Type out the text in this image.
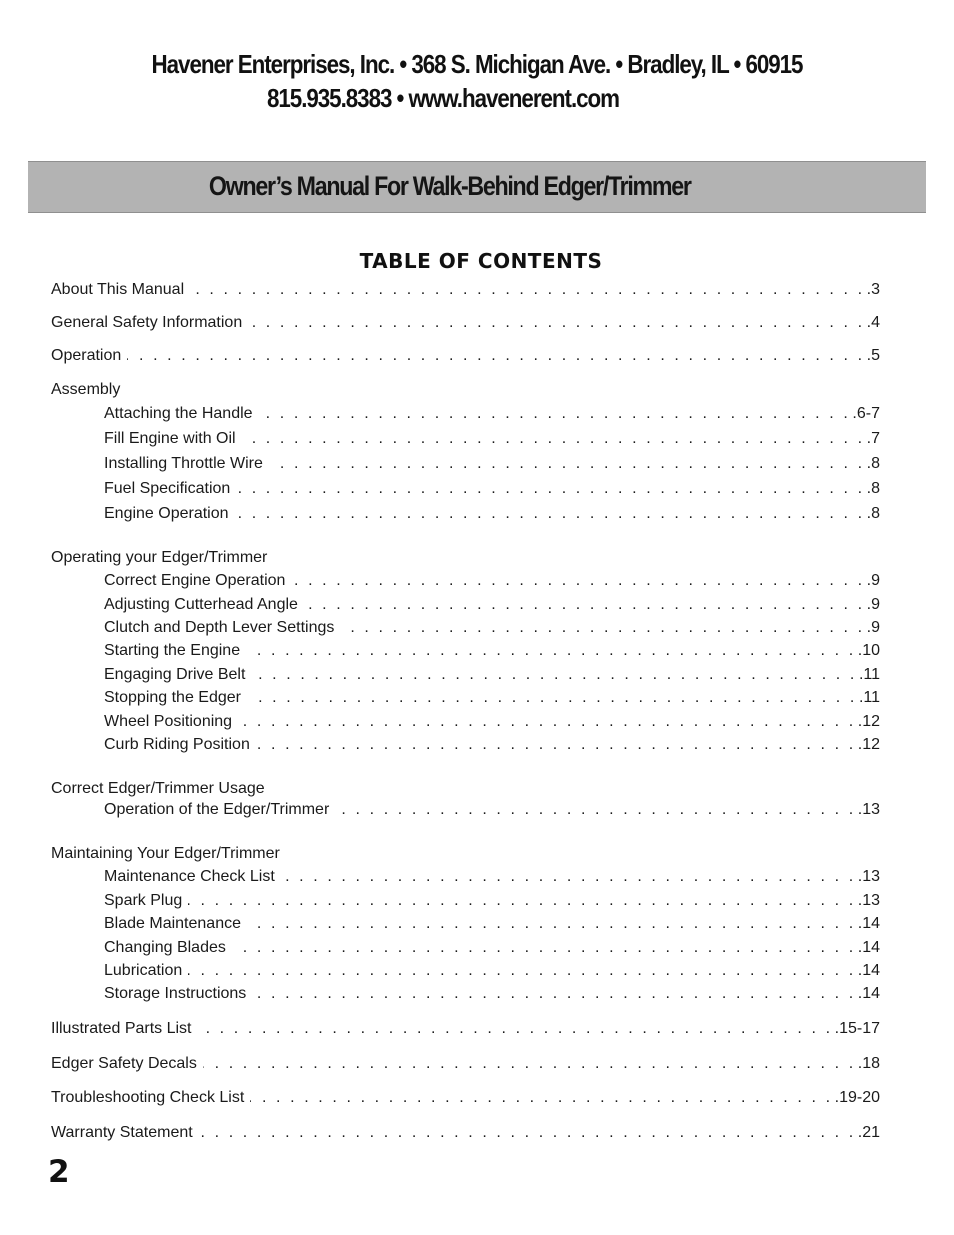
Havener Enterprises, Inc. • 368 S. Michigan Ave. • Bradley, IL • 60915
815.935.8383 • www.havenerent.com
Owner’s Manual For Walk-Behind Edger/Trimmer
TABLE OF CONTENTS
About This Manual . . .	.3
General Safety Information . . .	.4
Operation . . .	.5
Assembly
Attaching the Handle . . .	.6-7
Fill Engine with Oil . . .	.7
Installing Throttle Wire . . .	.8
Fuel Specification . . .	.8
Engine Operation . . .	.8
Operating your Edger/Trimmer
Correct Engine Operation . . .	.9
Adjusting Cutterhead Angle . . .	.9
Clutch and Depth Lever Settings . . .	.9
Starting the Engine . . .	.10
Engaging Drive Belt . . .	.11
Stopping the Edger . . .	.11
Wheel Positioning . . .	.12
Curb Riding Position . . .	.12
Correct Edger/Trimmer Usage
Operation of the Edger/Trimmer . . .	.13
Maintaining Your Edger/Trimmer
Maintenance Check List . . .	.13
Spark Plug . . .	.13
Blade Maintenance . . .	.14
Changing Blades . . .	.14
Lubrication . . .	.14
Storage Instructions . . .	.14
Illustrated Parts List . . .	.15-17
Edger Safety Decals . . .	.18
Troubleshooting Check List . . .	.19-20
Warranty Statement . . .	.21
2
